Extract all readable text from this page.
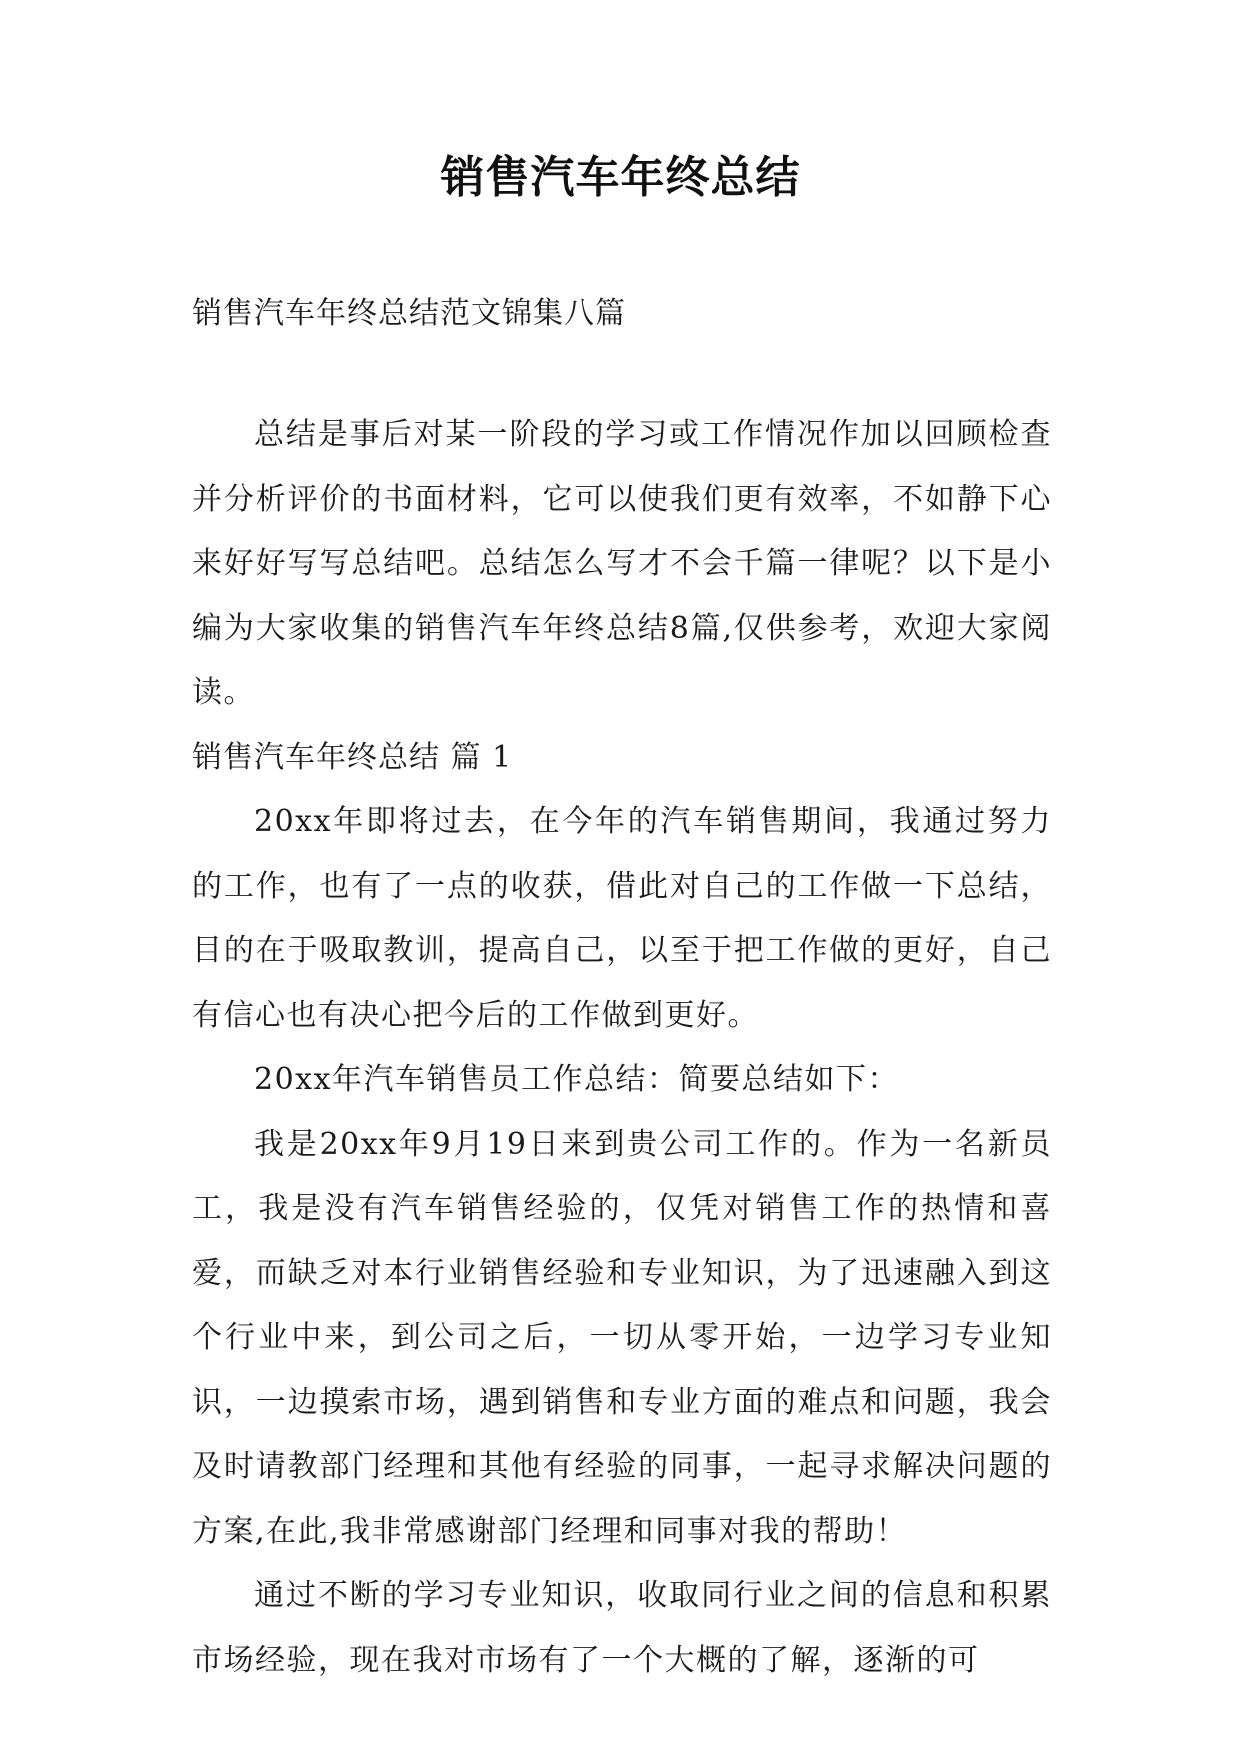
销售汽车年终总结
销售汽车年终总结范文锦集八篇

总结是事后对某一阶段的学习或工作情况作加以回顾检查并分析评价的书面材料，它可以使我们更有效率，不如静下心来好好写写总结吧。总结怎么写才不会千篇一律呢？以下是小编为大家收集的销售汽车年终总结8篇,仅供参考，欢迎大家阅读。

销售汽车年终总结 篇 1

20xx年即将过去，在今年的汽车销售期间，我通过努力的工作，也有了一点的收获，借此对自己的工作做一下总结，目的在于吸取教训，提高自己，以至于把工作做的更好，自己有信心也有决心把今后的工作做到更好。

20xx年汽车销售员工作总结：简要总结如下：

我是20xx年9月19日来到贵公司工作的。作为一名新员工，我是没有汽车销售经验的，仅凭对销售工作的热情和喜爱，而缺乏对本行业销售经验和专业知识，为了迅速融入到这个行业中来，到公司之后，一切从零开始，一边学习专业知识，一边摸索市场，遇到销售和专业方面的难点和问题，我会及时请教部门经理和其他有经验的同事，一起寻求解决问题的方案,在此,我非常感谢部门经理和同事对我的帮助！

通过不断的学习专业知识，收取同行业之间的信息和积累市场经验，现在我对市场有了一个大概的了解，逐渐的可
